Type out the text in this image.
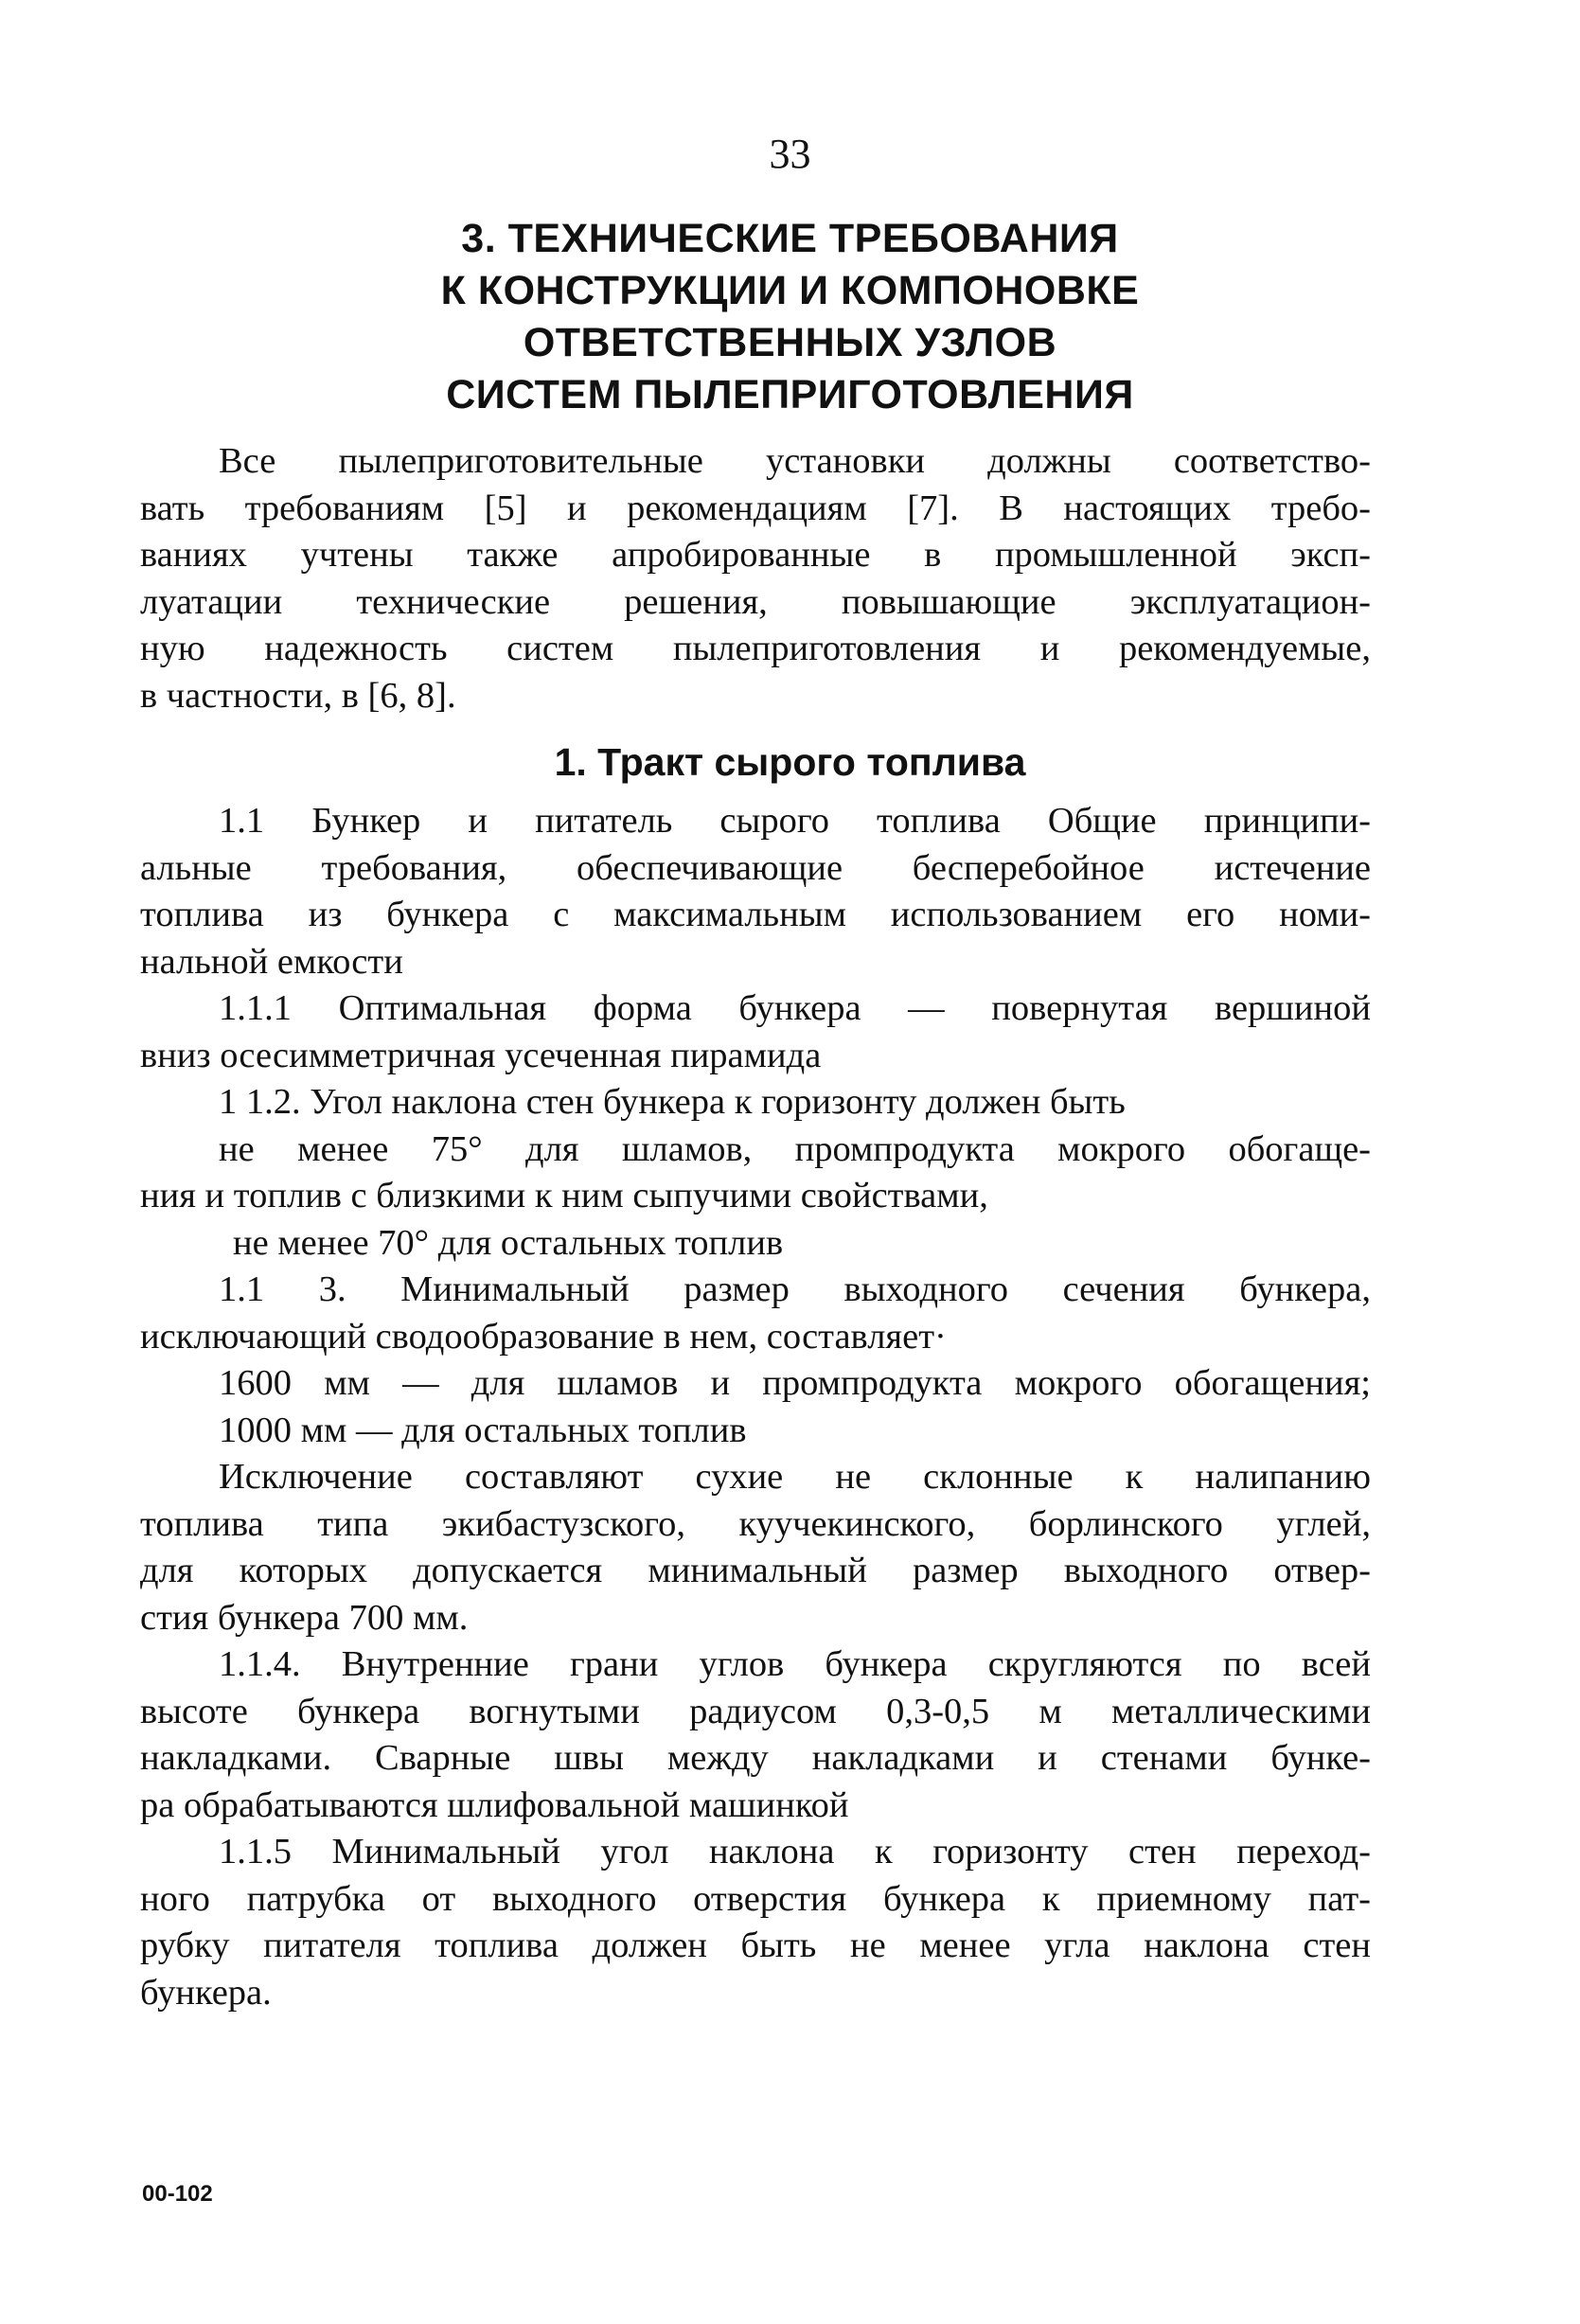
33
3. ТЕХНИЧЕСКИЕ ТРЕБОВАНИЯ
К КОНСТРУКЦИИ И КОМПОНОВКЕ
ОТВЕТСТВЕННЫХ УЗЛОВ
СИСТЕМ ПЫЛЕПРИГОТОВЛЕНИЯ
Все пылеприготовительные установки должны соответство-
вать требованиям [5] и рекомендациям [7]. В настоящих требо-
ваниях учтены также апробированные в промышленной эксп-
луатации технические решения, повышающие эксплуатацион-
ную надежность систем пылеприготовления и рекомендуемые,
в частности, в [6, 8].
1. Тракт сырого топлива
1.1 Бункер и питатель сырого топлива Общие принципи-
альные требования, обеспечивающие бесперебойное истечение
топлива из бункера с максимальным использованием его номи-
нальной емкости
1.1.1 Оптимальная форма бункера — повернутая вершиной
вниз осесимметричная усеченная пирамида
1 1.2. Угол наклона стен бункера к горизонту должен быть
не менее 75° для шламов, промпродукта мокрого обогаще-
ния и топлив с близкими к ним сыпучими свойствами,
не менее 70° для остальных топлив
1.1 3. Минимальный размер выходного сечения бункера,
исключающий сводообразование в нем, составляет·
1600 мм — для шламов и промпродукта мокрого обогащения;
1000 мм — для остальных топлив
Исключение составляют сухие не склонные к налипанию
топлива типа экибастузского, куучекинского, борлинского углей,
для которых допускается минимальный размер выходного отвер-
стия бункера 700 мм.
1.1.4. Внутренние грани углов бункера скругляются по всей
высоте бункера вогнутыми радиусом 0,3-0,5 м металлическими
накладками. Сварные швы между накладками и стенами бунке-
ра обрабатываются шлифовальной машинкой
1.1.5 Минимальный угол наклона к горизонту стен переход-
ного патрубка от выходного отверстия бункера к приемному пат-
рубку питателя топлива должен быть не менее угла наклона стен
бункера.
00-102
